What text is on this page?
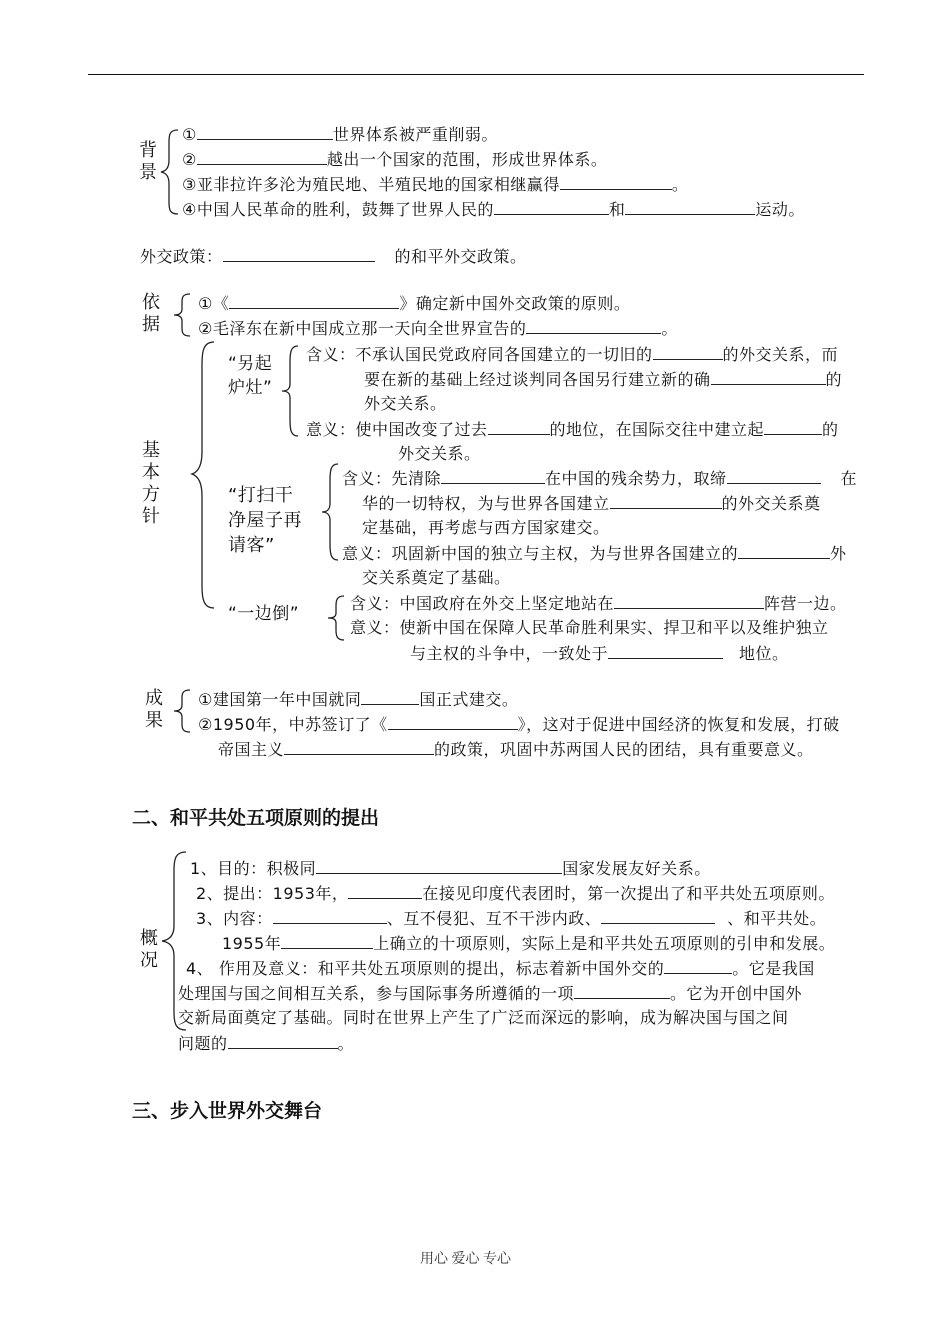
背景
①	世界体系被严重削弱。
②	越出一个国家的范围，形成世界体系。
③亚非拉许多沦为殖民地、半殖民地的国家相继赢得	。
④中国人民革命的胜利，鼓舞了世界人民的	和	运动。
外交政策：	的和平外交政策。
依据
①《	》确定新中国外交政策的原则。
②毛泽东在新中国成立那一天向全世界宣告的	。
基本方针
“另起
炉灶”
含义：不承认国民党政府同各国建立的一切旧的	的外交关系，而
要在新的基础上经过谈判同各国另行建立新的确	的
外交关系。
意义：使中国改变了过去	的地位，在国际交往中建立起	的
外交关系。
“打扫干
净屋子再
请客”
含义：先清除	在中国的残余势力，取缔	在
华的一切特权，为与世界各国建立	的外交关系奠
定基础，再考虑与西方国家建交。
意义：巩固新中国的独立与主权，为与世界各国建立的	外
交关系奠定了基础。
“一边倒”
含义：中国政府在外交上坚定地站在	阵营一边。
意义：使新中国在保障人民革命胜利果实、捍卫和平以及维护独立
与主权的斗争中，一致处于	地位。
成果
①建国第一年中国就同	国正式建交。
②1950年，中苏签订了《	》，这对于促进中国经济的恢复和发展，打破
帝国主义	的政策，巩固中苏两国人民的团结，具有重要意义。
二、和平共处五项原则的提出
概况
1、目的：积极同	国家发展友好关系。
2、提出：1953年，	在接见印度代表团时，第一次提出了和平共处五项原则。
3、内容：	、互不侵犯、互不干涉内政、	、和平共处。
1955年	上确立的十项原则，实际上是和平共处五项原则的引申和发展。
4、 作用及意义：和平共处五项原则的提出，标志着新中国外交的	。它是我国
处理国与国之间相互关系，参与国际事务所遵循的一项	。它为开创中国外
交新局面奠定了基础。同时在世界上产生了广泛而深远的影响，成为解决国与国之间
问题的	。
三、步入世界外交舞台
用心 爱心 专心
